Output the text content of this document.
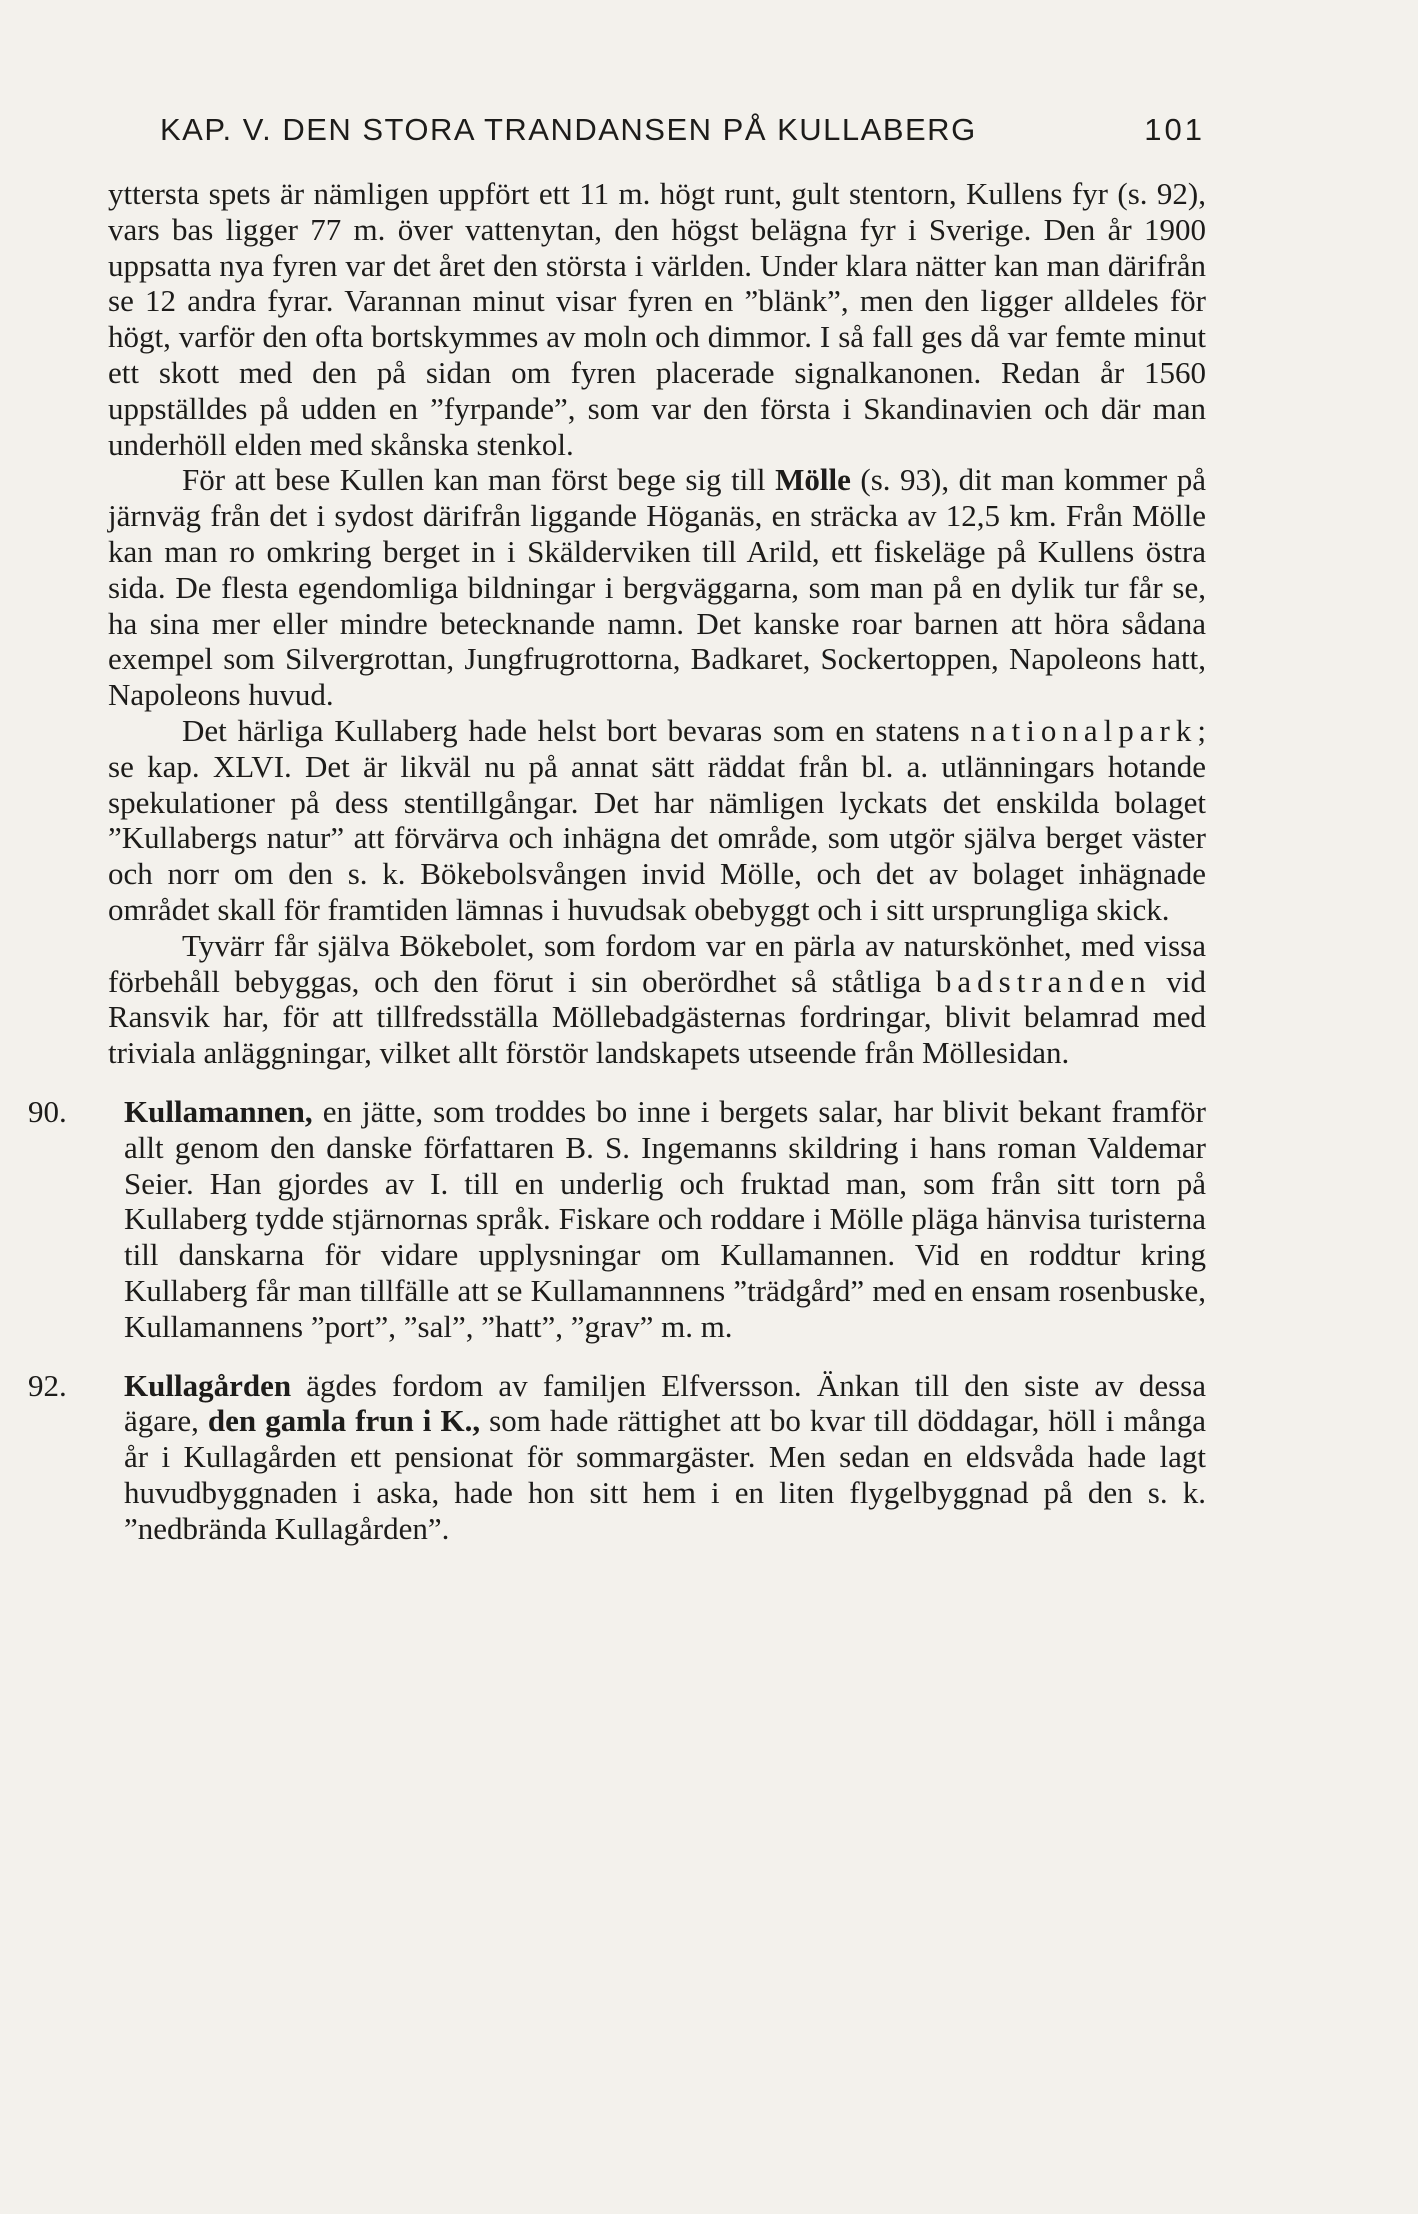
KAP. V. DEN STORA TRANDANSEN PÅ KULLABERG	101

yttersta spets är nämligen uppfört ett 11 m. högt runt, gult stentorn, Kullens fyr (s. 92), vars bas ligger 77 m. över vattenytan, den högst belägna fyr i Sverige. Den år 1900 uppsatta nya fyren var det året den största i världen. Under klara nätter kan man därifrån se 12 andra fyrar. Varannan minut visar fyren en ”blänk”, men den ligger alldeles för högt, varför den ofta bortskymmes av moln och dimmor. I så fall ges då var femte minut ett skott med den på sidan om fyren placerade signalkanonen. Redan år 1560 uppställdes på udden en ”fyrpande”, som var den första i Skandinavien och där man underhöll elden med skånska stenkol.

För att bese Kullen kan man först bege sig till Mölle (s. 93), dit man kommer på järnväg från det i sydost därifrån liggande Höganäs, en sträcka av 12,5 km. Från Mölle kan man ro omkring berget in i Skälderviken till Arild, ett fiskeläge på Kullens östra sida. De flesta egendomliga bildningar i bergväggarna, som man på en dylik tur får se, ha sina mer eller mindre betecknande namn. Det kanske roar barnen att höra sådana exempel som Silvergrottan, Jungfrugrottorna, Badkaret, Sockertoppen, Napoleons hatt, Napoleons huvud.

Det härliga Kullaberg hade helst bort bevaras som en statens nationalpark; se kap. XLVI. Det är likväl nu på annat sätt räddat från bl. a. utlänningars hotande spekulationer på dess stentillgångar. Det har nämligen lyckats det enskilda bolaget ”Kullabergs natur” att förvärva och inhägna det område, som utgör själva berget väster och norr om den s. k. Bökebolsvången invid Mölle, och det av bolaget inhägnade området skall för framtiden lämnas i huvudsak obebyggt och i sitt ursprungliga skick.

Tyvärr får själva Bökebolet, som fordom var en pärla av naturskönhet, med vissa förbehåll bebyggas, och den förut i sin oberördhet så ståtliga badstranden vid Ransvik har, för att tillfredsställa Möllebadgästernas fordringar, blivit belamrad med triviala anläggningar, vilket allt förstör landskapets utseende från Möllesidan.

90. Kullamannen, en jätte, som troddes bo inne i bergets salar, har blivit bekant framför allt genom den danske författaren B. S. Ingemanns skildring i hans roman Valdemar Seier. Han gjordes av I. till en underlig och fruktad man, som från sitt torn på Kullaberg tydde stjärnornas språk. Fiskare och roddare i Mölle pläga hänvisa turisterna till danskarna för vidare upplysningar om Kullamannen. Vid en roddtur kring Kullaberg får man tillfälle att se Kullamannnens ”trädgård” med en ensam rosenbuske, Kullamannens ”port”, ”sal”, ”hatt”, ”grav” m. m.

92. Kullagården ägdes fordom av familjen Elfversson. Änkan till den siste av dessa ägare, den gamla frun i K., som hade rättighet att bo kvar till döddagar, höll i många år i Kullagården ett pensionat för sommargäster. Men sedan en eldsvåda hade lagt huvudbyggnaden i aska, hade hon sitt hem i en liten flygelbyggnad på den s. k. ”nedbrända Kullagården”.
